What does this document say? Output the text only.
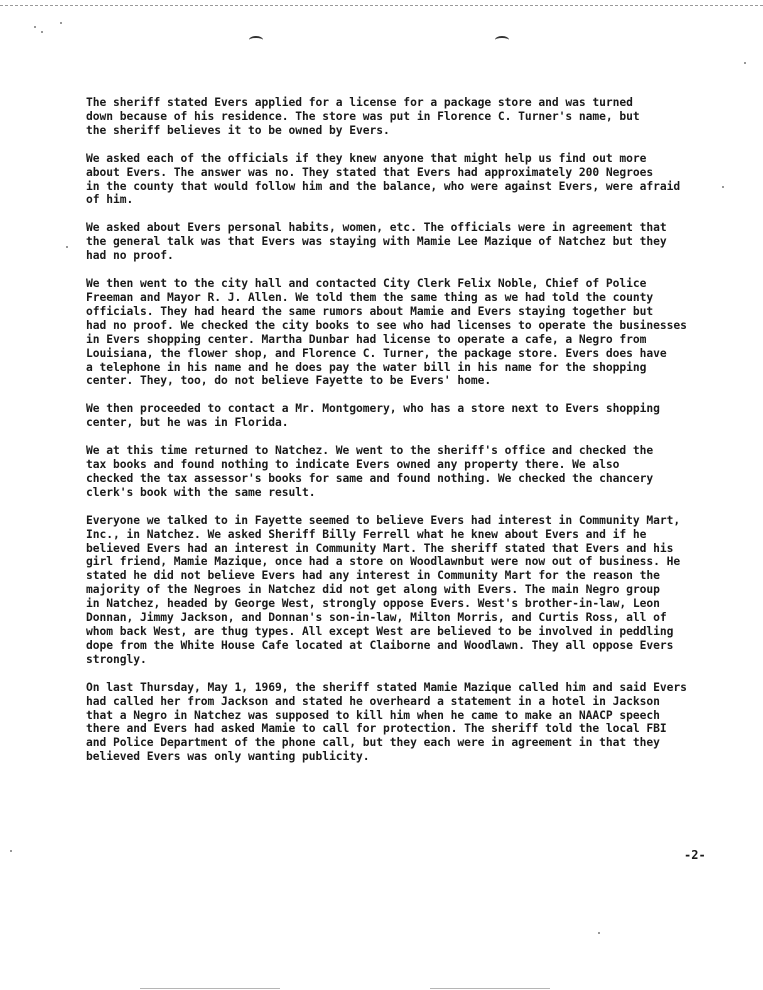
The sheriff stated Evers applied for a license for a package store and was turned
down because of his residence. The store was put in Florence C. Turner's name, but
the sheriff believes it to be owned by Evers.

We asked each of the officials if they knew anyone that might help us find out more
about Evers. The answer was no. They stated that Evers had approximately 200 Negroes
in the county that would follow him and the balance, who were against Evers, were afraid
of him.

We asked about Evers personal habits, women, etc. The officials were in agreement that
the general talk was that Evers was staying with Mamie Lee Mazique of Natchez but they
had no proof.

We then went to the city hall and contacted City Clerk Felix Noble, Chief of Police
Freeman and Mayor R. J. Allen. We told them the same thing as we had told the county
officials. They had heard the same rumors about Mamie and Evers staying together but
had no proof. We checked the city books to see who had licenses to operate the businesses
in Evers shopping center. Martha Dunbar had license to operate a cafe, a Negro from
Louisiana, the flower shop, and Florence C. Turner, the package store. Evers does have
a telephone in his name and he does pay the water bill in his name for the shopping
center. They, too, do not believe Fayette to be Evers' home.

We then proceeded to contact a Mr. Montgomery, who has a store next to Evers shopping
center, but he was in Florida.

We at this time returned to Natchez. We went to the sheriff's office and checked the
tax books and found nothing to indicate Evers owned any property there. We also
checked the tax assessor's books for same and found nothing. We checked the chancery
clerk's book with the same result.

Everyone we talked to in Fayette seemed to believe Evers had interest in Community Mart,
Inc., in Natchez. We asked Sheriff Billy Ferrell what he knew about Evers and if he
believed Evers had an interest in Community Mart. The sheriff stated that Evers and his
girl friend, Mamie Mazique, once had a store on Woodlawnbut were now out of business. He
stated he did not believe Evers had any interest in Community Mart for the reason the
majority of the Negroes in Natchez did not get along with Evers. The main Negro group
in Natchez, headed by George West, strongly oppose Evers. West's brother-in-law, Leon
Donnan, Jimmy Jackson, and Donnan's son-in-law, Milton Morris, and Curtis Ross, all of
whom back West, are thug types. All except West are believed to be involved in peddling
dope from the White House Cafe located at Claiborne and Woodlawn. They all oppose Evers
strongly.

On last Thursday, May 1, 1969, the sheriff stated Mamie Mazique called him and said Evers
had called her from Jackson and stated he overheard a statement in a hotel in Jackson
that a Negro in Natchez was supposed to kill him when he came to make an NAACP speech
there and Evers had asked Mamie to call for protection. The sheriff told the local FBI
and Police Department of the phone call, but they each were in agreement in that they
believed Evers was only wanting publicity.

-2-
